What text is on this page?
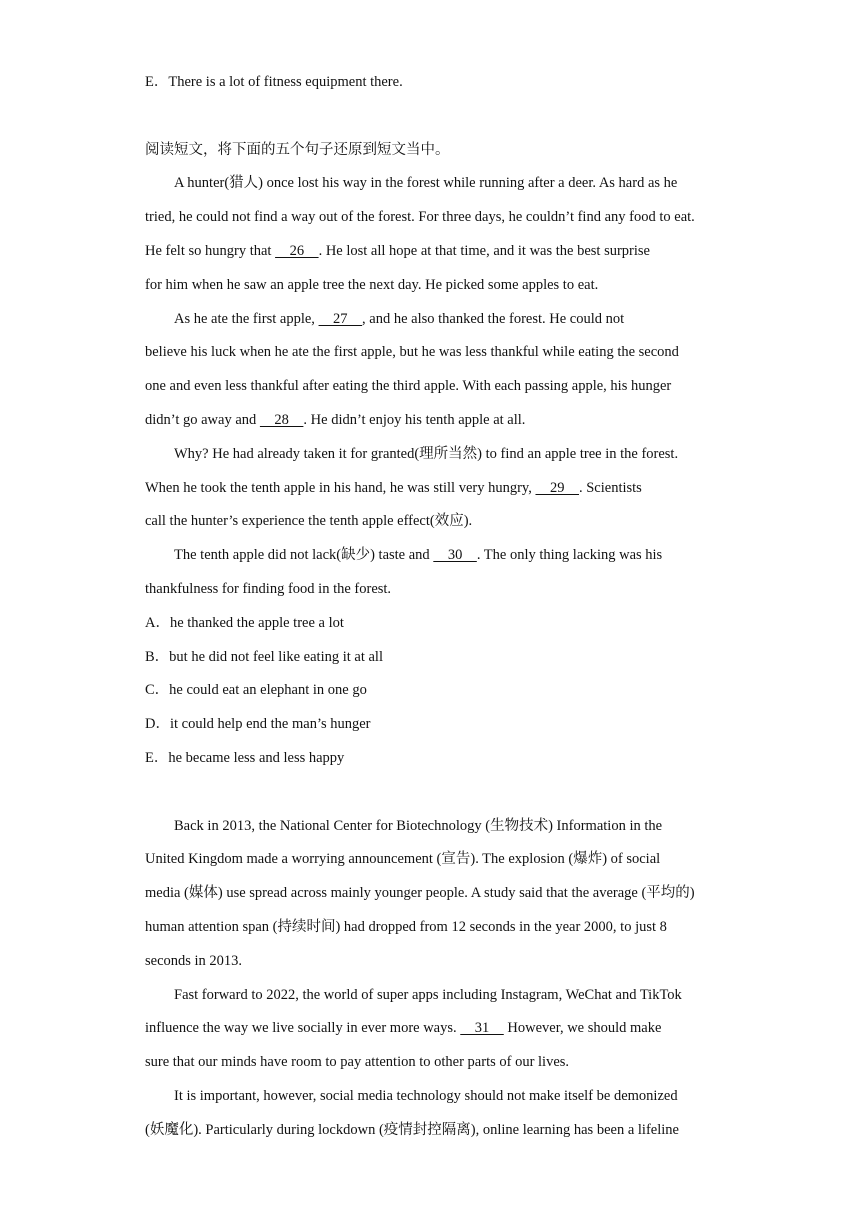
E．There is a lot of fitness equipment there.
阅读短文，将下面的五个句子还原到短文当中。
A hunter(猎人) once lost his way in the forest while running after a deer. As hard as he
tried, he could not find a way out of the forest. For three days, he couldn’t find any food to eat.
He felt so hungry that   26  . He lost all hope at that time, and it was the best surprise
for him when he saw an apple tree the next day. He picked some apples to eat.
As he ate the first apple,   27  , and he also thanked the forest. He could not
believe his luck when he ate the first apple, but he was less thankful while eating the second
one and even less thankful after eating the third apple. With each passing apple, his hunger
didn’t go away and   28  . He didn’t enjoy his tenth apple at all.
Why? He had already taken it for granted(理所当然) to find an apple tree in the forest.
When he took the tenth apple in his hand, he was still very hungry,   29  . Scientists
call the hunter’s experience the tenth apple effect(效应).
The tenth apple did not lack(缺少) taste and   30  . The only thing lacking was his
thankfulness for finding food in the forest.
A．he thanked the apple tree a lot
B．but he did not feel like eating it at all
C．he could eat an elephant in one go
D．it could help end the man’s hunger
E．he became less and less happy
Back in 2013, the National Center for Biotechnology (生物技术) Information in the
United Kingdom made a worrying announcement (宣告). The explosion (爆炸) of social
media (媒体) use spread across mainly younger people. A study said that the average (平均的)
human attention span (持续时间) had dropped from 12 seconds in the year 2000, to just 8
seconds in 2013.
Fast forward to 2022, the world of super apps including Instagram, WeChat and TikTok
influence the way we live socially in ever more ways.   31   However, we should make
sure that our minds have room to pay attention to other parts of our lives.
It is important, however, social media technology should not make itself be demonized
(妖魔化). Particularly during lockdown (疫情封控隔离), online learning has been a lifeline
